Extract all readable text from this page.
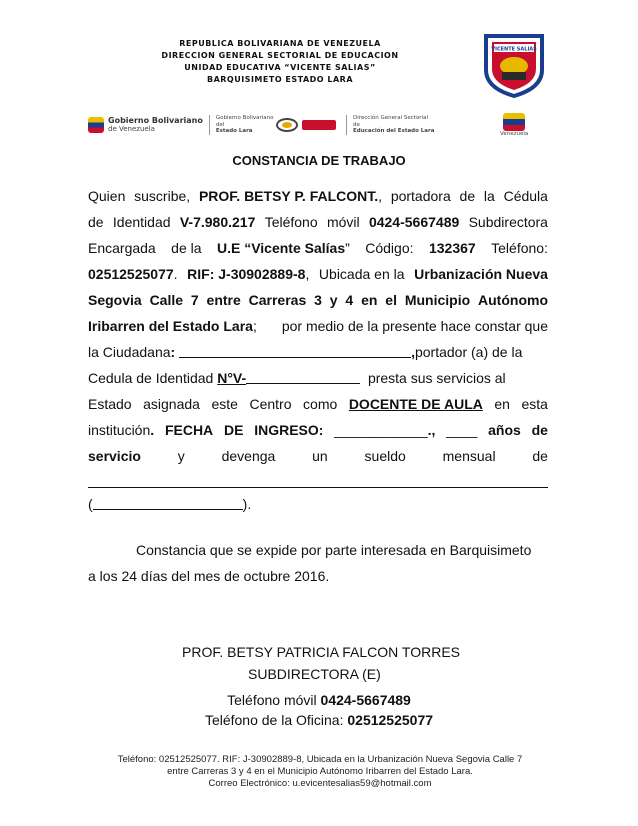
REPUBLICA BOLIVARIANA DE VENEZUELA
DIRECCION GENERAL SECTORIAL DE EDUCACION
UNIDAD EDUCATIVA “VICENTE SALIAS”
BARQUISIMETO ESTADO LARA
VICENTE SALIAS
Gobierno Bolivariano
de Venezuela
Gobierno Bolivariano
del
Estado Lara
Dirección General Sectorial
de
Educación del Estado Lara	Venezuela
CONSTANCIA DE TRABAJO
Quien suscribe, PROF. BETSY P. FALCONT., portadora de la Cédula
de Identidad V-7.980.217 Teléfono móvil 0424-5667489 Subdirectora
Encargada de la U.E “Vicente Salías” Código: 132367 Teléfono:
02512525077. RIF: J-30902889-8, Ubicada en la Urbanización Nueva
Segovia Calle 7 entre Carreras 3 y 4 en el Municipio Autónomo
Iribarren del Estado Lara; por medio de la presente hace constar que
la Ciudadana:	,portador (a) de la
Cedula de Identidad N°V-	presta sus servicios al
Estado asignada este Centro como DOCENTE DE AULA en esta
institución. FECHA DE INGRESO: ____________., ____ años de
servicio	y	devenga	un	sueldo	mensual	de
(	).
Constancia que se expide por parte interesada en Barquisimeto
a los 24 días del mes de octubre 2016.
PROF. BETSY PATRICIA FALCON TORRES
SUBDIRECTORA (E)
Teléfono móvil 0424-5667489
Teléfono de la Oficina: 02512525077
Teléfono: 02512525077. RIF: J-30902889-8, Ubicada en la Urbanización Nueva Segovia Calle 7
entre Carreras 3 y 4 en el Municipio Autónomo Iribarren del Estado Lara.
Correo Electrónico: u.evicentesalias59@hotmail.com
